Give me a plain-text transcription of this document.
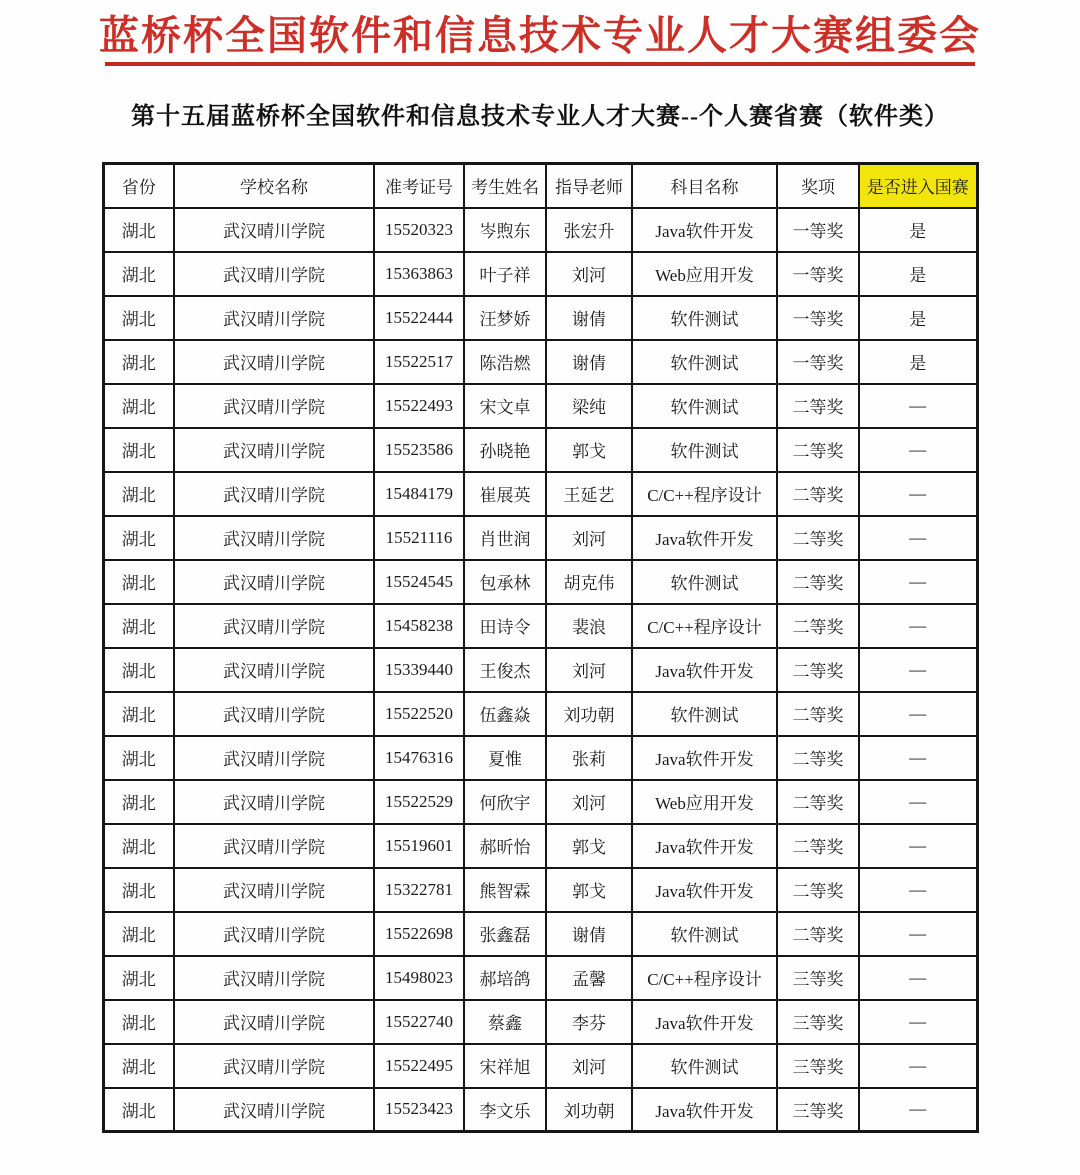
蓝桥杯全国软件和信息技术专业人才大赛组委会
第十五届蓝桥杯全国软件和信息技术专业人才大赛--个人赛省赛（软件类）
省份	学校名称	准考证号	考生姓名	指导老师	科目名称	奖项	是否进入国赛
湖北	武汉晴川学院	15520323	岑煦东	张宏升	Java软件开发	一等奖	是
湖北	武汉晴川学院	15363863	叶子祥	刘河	Web应用开发	一等奖	是
湖北	武汉晴川学院	15522444	汪梦娇	谢倩	软件测试	一等奖	是
湖北	武汉晴川学院	15522517	陈浩燃	谢倩	软件测试	一等奖	是
湖北	武汉晴川学院	15522493	宋文卓	梁纯	软件测试	二等奖	—
湖北	武汉晴川学院	15523586	孙晓艳	郭戈	软件测试	二等奖	—
湖北	武汉晴川学院	15484179	崔展英	王延艺	C/C++程序设计	二等奖	—
湖北	武汉晴川学院	15521116	肖世润	刘河	Java软件开发	二等奖	—
湖北	武汉晴川学院	15524545	包承林	胡克伟	软件测试	二等奖	—
湖北	武汉晴川学院	15458238	田诗令	裴浪	C/C++程序设计	二等奖	—
湖北	武汉晴川学院	15339440	王俊杰	刘河	Java软件开发	二等奖	—
湖北	武汉晴川学院	15522520	伍鑫焱	刘功朝	软件测试	二等奖	—
湖北	武汉晴川学院	15476316	夏惟	张莉	Java软件开发	二等奖	—
湖北	武汉晴川学院	15522529	何欣宇	刘河	Web应用开发	二等奖	—
湖北	武汉晴川学院	15519601	郝昕怡	郭戈	Java软件开发	二等奖	—
湖北	武汉晴川学院	15322781	熊智霖	郭戈	Java软件开发	二等奖	—
湖北	武汉晴川学院	15522698	张鑫磊	谢倩	软件测试	二等奖	—
湖北	武汉晴川学院	15498023	郝培鸽	孟馨	C/C++程序设计	三等奖	—
湖北	武汉晴川学院	15522740	蔡鑫	李芬	Java软件开发	三等奖	—
湖北	武汉晴川学院	15522495	宋祥旭	刘河	软件测试	三等奖	—
湖北	武汉晴川学院	15523423	李文乐	刘功朝	Java软件开发	三等奖	—
